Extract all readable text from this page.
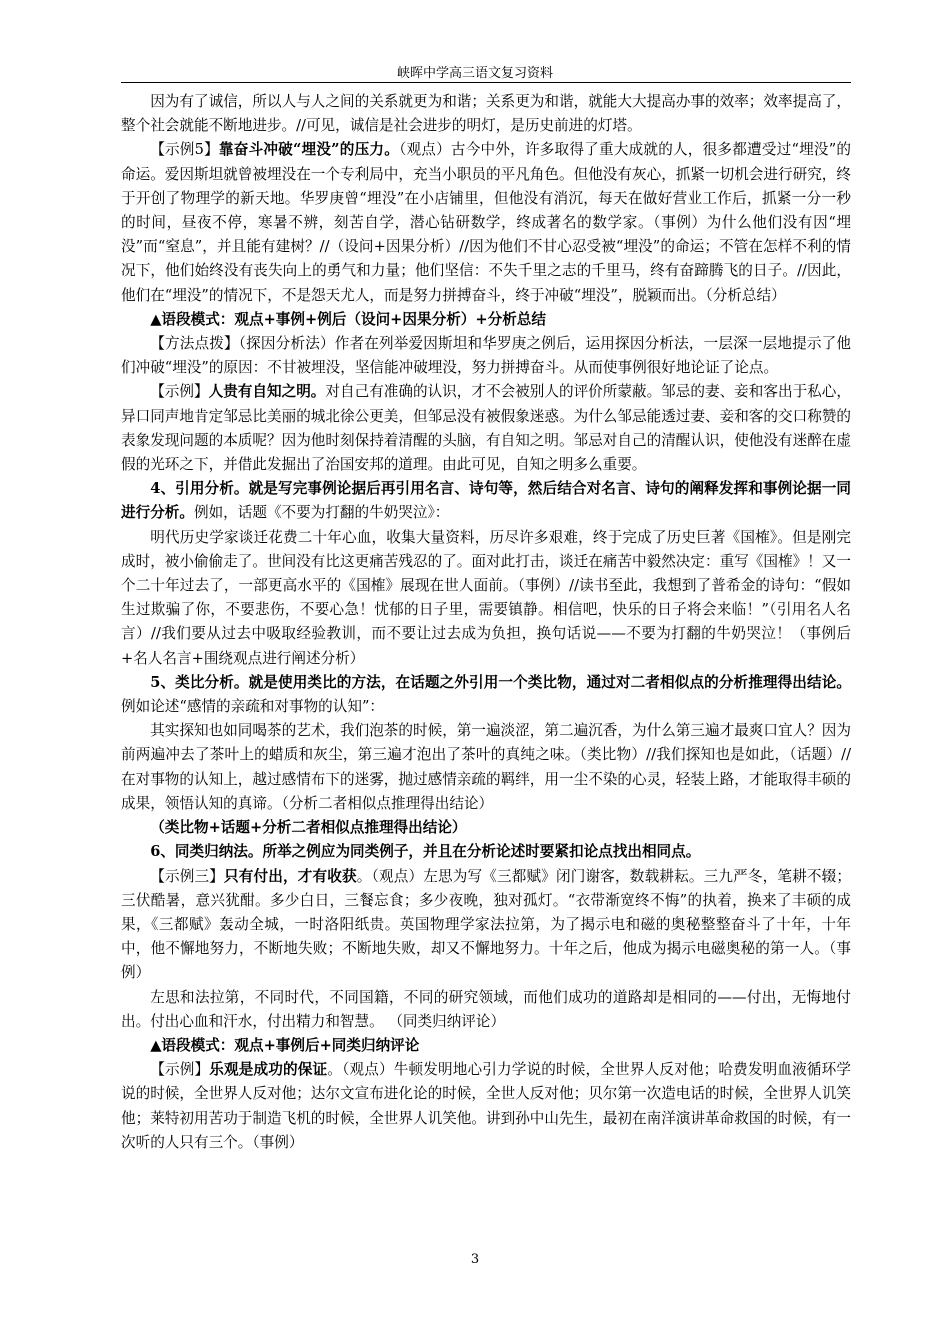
峡晖中学高三语文复习资料

因为有了诚信，所以人与人之间的关系就更为和谐；关系更为和谐，就能大大提高办事的效率；效率提高了，整个社会就能不断地进步。//可见，诚信是社会进步的明灯，是历史前进的灯塔。

【示例5】靠奋斗冲破“埋没”的压力。（观点）古今中外，许多取得了重大成就的人，很多都遭受过“埋没”的命运。爱因斯坦就曾被埋没在一个专利局中，充当小职员的平凡角色。但他没有灰心，抓紧一切机会进行研究，终于开创了物理学的新天地。华罗庚曾“埋没”在小店铺里，但他没有消沉，每天在做好营业工作后，抓紧一分一秒的时间，昼夜不停，寒暑不辨，刻苦自学，潜心钻研数学，终成著名的数学家。（事例）为什么他们没有因“埋没”而“窒息”，并且能有建树？//（设问+因果分析）//因为他们不甘心忍受被“埋没”的命运；不管在怎样不利的情况下，他们始终没有丧失向上的勇气和力量；他们坚信：不失千里之志的千里马，终有奋蹄腾飞的日子。//因此，他们在“埋没”的情况下，不是怨天尤人，而是努力拼搏奋斗，终于冲破“埋没”，脱颖而出。（分析总结）

▲语段模式：观点+事例+例后（设问+因果分析）+分析总结

【方法点拨】（探因分析法）作者在列举爱因斯坦和华罗庚之例后，运用探因分析法，一层深一层地提示了他们冲破“埋没”的原因：不甘被埋没，坚信能冲破埋没，努力拼搏奋斗。从而使事例很好地论证了论点。

【示例】人贵有自知之明。对自己有准确的认识，才不会被别人的评价所蒙蔽。邹忌的妻、妾和客出于私心，异口同声地肯定邹忌比美丽的城北徐公更美，但邹忌没有被假象迷惑。为什么邹忌能透过妻、妾和客的交口称赞的表象发现问题的本质呢？因为他时刻保持着清醒的头脑，有自知之明。邹忌对自己的清醒认识，使他没有迷醉在虚假的光环之下，并借此发掘出了治国安邦的道理。由此可见，自知之明多么重要。

4、引用分析。就是写完事例论据后再引用名言、诗句等，然后结合对名言、诗句的阐释发挥和事例论据一同进行分析。例如，话题《不要为打翻的牛奶哭泣》：

明代历史学家谈迁花费二十年心血，收集大量资料，历尽许多艰难，终于完成了历史巨著《国榷》。但是刚完成时，被小偷偷走了。世间没有比这更痛苦残忍的了。面对此打击，谈迁在痛苦中毅然决定：重写《国榷》！又一个二十年过去了，一部更高水平的《国榷》展现在世人面前。（事例）//读书至此，我想到了普希金的诗句：“假如生过欺骗了你，不要悲伤，不要心急！忧郁的日子里，需要镇静。相信吧，快乐的日子将会来临！”（引用名人名言）//我们要从过去中吸取经验教训，而不要让过去成为负担，换句话说——不要为打翻的牛奶哭泣！（事例后+名人名言+围绕观点进行阐述分析）

5、类比分析。就是使用类比的方法，在话题之外引用一个类比物，通过对二者相似点的分析推理得出结论。例如论述“感情的亲疏和对事物的认知”：

其实探知也如同喝茶的艺术，我们泡茶的时候，第一遍淡涩，第二遍沉香，为什么第三遍才最爽口宜人？因为前两遍冲去了茶叶上的蜡质和灰尘，第三遍才泡出了茶叶的真纯之味。（类比物）//我们探知也是如此，（话题）//在对事物的认知上，越过感情布下的迷雾，抛过感情亲疏的羁绊，用一尘不染的心灵，轻装上路，才能取得丰硕的成果，领悟认知的真谛。（分析二者相似点推理得出结论）

（类比物+话题+分析二者相似点推理得出结论）

6、同类归纳法。所举之例应为同类例子，并且在分析论述时要紧扣论点找出相同点。

【示例三】只有付出，才有收获。（观点）左思为写《三都赋》闭门谢客，数载耕耘。三九严冬，笔耕不辍；三伏酷暑，意兴犹酣。多少白日，三餐忘食；多少夜晚，独对孤灯。“衣带渐宽终不悔”的执着，换来了丰硕的成果，《三都赋》轰动全城，一时洛阳纸贵。英国物理学家法拉第，为了揭示电和磁的奥秘整整奋斗了十年，十年中，他不懈地努力，不断地失败；不断地失败，却又不懈地努力。十年之后，他成为揭示电磁奥秘的第一人。（事例）

左思和法拉第，不同时代，不同国籍，不同的研究领域，而他们成功的道路却是相同的——付出，无悔地付出。付出心血和汗水，付出精力和智慧。 （同类归纳评论）

▲语段模式：观点+事例后+同类归纳评论

【示例】乐观是成功的保证。（观点）牛顿发明地心引力学说的时候，全世界人反对他；哈费发明血液循环学说的时候，全世界人反对他；达尔文宣布进化论的时候，全世人反对他；贝尔第一次造电话的时候，全世界人讥笑他；莱特初用苦功于制造飞机的时候，全世界人讥笑他。讲到孙中山先生，最初在南洋演讲革命救国的时候，有一次听的人只有三个。（事例）

3
